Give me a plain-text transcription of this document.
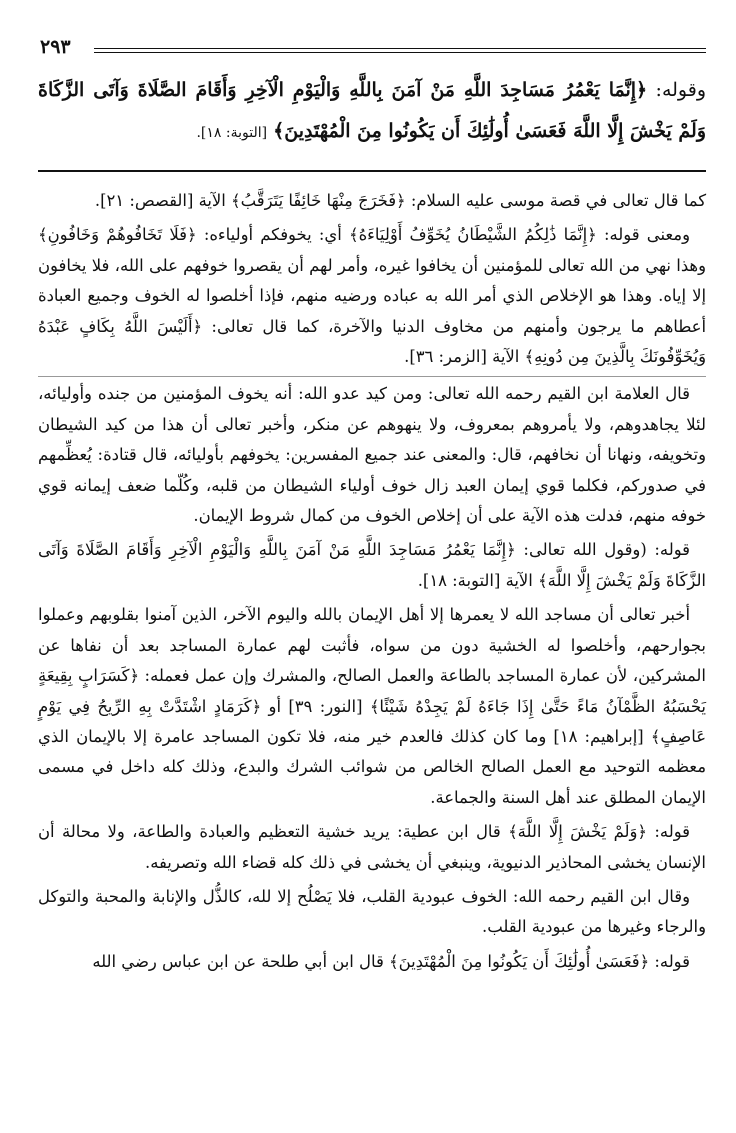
٢٩٣
وقوله: ﴿إِنَّمَا يَعْمُرُ مَسَاجِدَ اللَّهِ مَنْ آمَنَ بِاللَّهِ وَالْيَوْمِ الْآخِرِ وَأَقَامَ الصَّلَاةَ وَآتَى الزَّكَاةَ وَلَمْ يَخْشَ إِلَّا اللَّهَ فَعَسَىٰ أُولَٰئِكَ أَن يَكُونُوا مِنَ الْمُهْتَدِينَ﴾ [التوبة: ١٨].

كما قال تعالى في قصة موسى عليه السلام: ﴿فَخَرَجَ مِنْهَا خَائِفًا يَتَرَقَّبُ﴾ الآية [القصص: ٢١].

ومعنى قوله: ﴿إِنَّمَا ذَٰلِكُمُ الشَّيْطَانُ يُخَوِّفُ أَوْلِيَاءَهُ﴾ أي: يخوفكم أولياءه: ﴿فَلَا تَخَافُوهُمْ وَخَافُونِ﴾ وهذا نهي من الله تعالى للمؤمنين أن يخافوا غيره، وأمر لهم أن يقصروا خوفهم على الله، فلا يخافون إلا إياه. وهذا هو الإخلاص الذي أمر الله به عباده ورضيه منهم، فإذا أخلصوا له الخوف وجميع العبادة أعطاهم ما يرجون وأمنهم من مخاوف الدنيا والآخرة، كما قال تعالى: ﴿أَلَيْسَ اللَّهُ بِكَافٍ عَبْدَهُ وَيُخَوِّفُونَكَ بِالَّذِينَ مِن دُونِهِ﴾ الآية [الزمر: ٣٦].

قال العلامة ابن القيم رحمه الله تعالى: ومن كيد عدو الله: أنه يخوف المؤمنين من جنده وأوليائه، لئلا يجاهدوهم، ولا يأمروهم بمعروف، ولا ينهوهم عن منكر، وأخبر تعالى أن هذا من كيد الشيطان وتخويفه، ونهانا أن نخافهم، قال: والمعنى عند جميع المفسرين: يخوفهم بأوليائه، قال قتادة: يُعظِّمهم في صدوركم، فكلما قوي إيمان العبد زال خوف أولياء الشيطان من قلبه، وكُلّما ضعف إيمانه قوي خوفه منهم، فدلت هذه الآية على أن إخلاص الخوف من كمال شروط الإيمان.

قوله: (وقول الله تعالى: ﴿إِنَّمَا يَعْمُرُ مَسَاجِدَ اللَّهِ مَنْ آمَنَ بِاللَّهِ وَالْيَوْمِ الْآخِرِ وَأَقَامَ الصَّلَاةَ وَآتَى الزَّكَاةَ وَلَمْ يَخْشَ إِلَّا اللَّهَ﴾ الآية [التوبة: ١٨].

أخبر تعالى أن مساجد الله لا يعمرها إلا أهل الإيمان بالله واليوم الآخر، الذين آمنوا بقلوبهم وعملوا بجوارحهم، وأخلصوا له الخشية دون من سواه، فأثبت لهم عمارة المساجد بعد أن نفاها عن المشركين، لأن عمارة المساجد بالطاعة والعمل الصالح، والمشرك وإن عمل فعمله: ﴿كَسَرَابٍ بِقِيعَةٍ يَحْسَبُهُ الظَّمْآنُ مَاءً حَتَّىٰ إِذَا جَاءَهُ لَمْ يَجِدْهُ شَيْئًا﴾ [النور: ٣٩] أو ﴿كَرَمَادٍ اشْتَدَّتْ بِهِ الرِّيحُ فِي يَوْمٍ عَاصِفٍ﴾ [إبراهيم: ١٨] وما كان كذلك فالعدم خير منه، فلا تكون المساجد عامرة إلا بالإيمان الذي معظمه التوحيد مع العمل الصالح الخالص من شوائب الشرك والبدع، وذلك كله داخل في مسمى الإيمان المطلق عند أهل السنة والجماعة.

قوله: ﴿وَلَمْ يَخْشَ إِلَّا اللَّهَ﴾ قال ابن عطية: يريد خشية التعظيم والعبادة والطاعة، ولا محالة أن الإنسان يخشى المحاذير الدنيوية، وينبغي أن يخشى في ذلك كله قضاء الله وتصريفه.

وقال ابن القيم رحمه الله: الخوف عبودية القلب، فلا يَصْلُح إلا لله، كالذُّل والإنابة والمحبة والتوكل والرجاء وغيرها من عبودية القلب.

قوله: ﴿فَعَسَىٰ أُولَٰئِكَ أَن يَكُونُوا مِنَ الْمُهْتَدِينَ﴾ قال ابن أبي طلحة عن ابن عباس رضي الله
